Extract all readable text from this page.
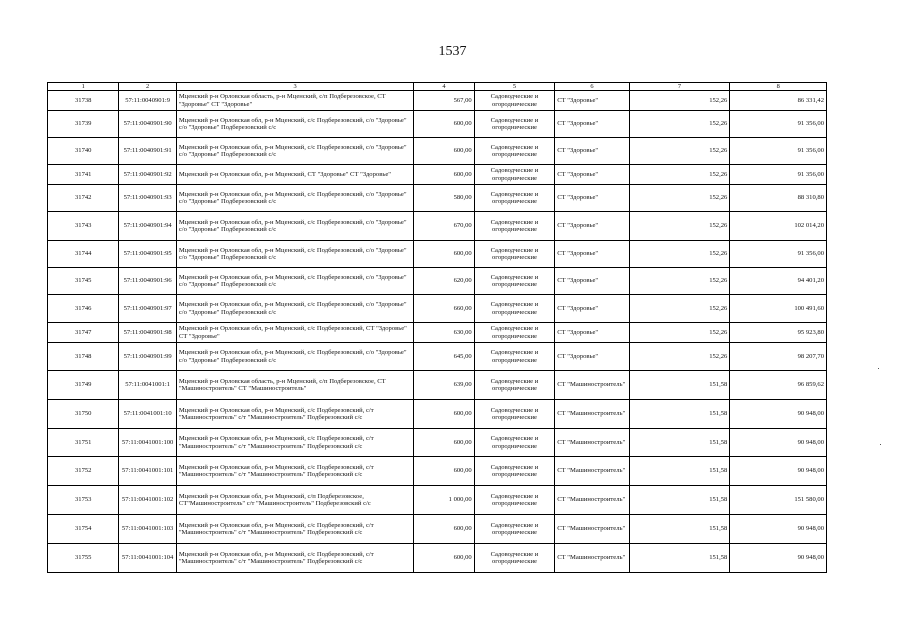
1537
1	2	3	4	5	6	7	8
31738	57:11:0040901:9	Мценский р-н Орловская область, р-н Мценский, с/п Подберезовское, СТ "Здоровье" СТ "Здоровье"	567,00	Садоводческие и огороднические	СТ "Здоровье"	152,26	86 331,42
31739	57:11:0040901:90	Мценский р-н Орловская обл, р-н Мценский, с/с Подберезовский, с/о "Здоровье" с/о "Здоровье" Подберезовский с/с	600,00	Садоводческие и огороднические	СТ "Здоровье"	152,26	91 356,00
31740	57:11:0040901:91	Мценский р-н Орловская обл, р-н Мценский, с/с Подберезовский, с/о "Здоровье" с/о "Здоровье" Подберезовский с/с	600,00	Садоводческие и огороднические	СТ "Здоровье"	152,26	91 356,00
31741	57:11:0040901:92	Мценский р-н Орловская обл, р-н Мценский, СТ "Здоровье" СТ "Здоровье"	600,00	Садоводческие и огороднические	СТ "Здоровье"	152,26	91 356,00
31742	57:11:0040901:93	Мценский р-н Орловская обл, р-н Мценский, с/с Подберезовский, с/о "Здоровье" с/о "Здоровье" Подберезовский с/с	580,00	Садоводческие и огороднические	СТ "Здоровье"	152,26	88 310,80
31743	57:11:0040901:94	Мценский р-н Орловская обл, р-н Мценский, с/с Подберезовский, с/о "Здоровье" с/о "Здоровье" Подберезовский с/с	670,00	Садоводческие и огороднические	СТ "Здоровье"	152,26	102 014,20
31744	57:11:0040901:95	Мценский р-н Орловская обл, р-н Мценский, с/с Подберезовский, с/о "Здоровье" с/о "Здоровье" Подберезовский с/с	600,00	Садоводческие и огороднические	СТ "Здоровье"	152,26	91 356,00
31745	57:11:0040901:96	Мценский р-н Орловская обл, р-н Мценский, с/с Подберезовский, с/о "Здоровье" с/о "Здоровье" Подберезовский с/с	620,00	Садоводческие и огороднические	СТ "Здоровье"	152,26	94 401,20
31746	57:11:0040901:97	Мценский р-н Орловская обл, р-н Мценский, с/с Подберезовский, с/о "Здоровье" с/о "Здоровье" Подберезовский с/с	660,00	Садоводческие и огороднические	СТ "Здоровье"	152,26	100 491,60
31747	57:11:0040901:98	Мценский р-н Орловская обл, р-н Мценский, с/с Подберезовский, СТ "Здоровье" СТ "Здоровье"	630,00	Садоводческие и огороднические	СТ "Здоровье"	152,26	95 923,80
31748	57:11:0040901:99	Мценский р-н Орловская обл, р-н Мценский, с/с Подберезовский, с/о "Здоровье" с/о "Здоровье" Подберезовский с/с	645,00	Садоводческие и огороднические	СТ "Здоровье"	152,26	98 207,70
31749	57:11:0041001:1	Мценский р-н Орловская область, р-н Мценский, с/п Подберезовское, СТ "Машиностроитель" СТ "Машиностроитель"	639,00	Садоводческие и огороднические	СТ "Машиностроитель"	151,58	96 859,62
31750	57:11:0041001:10	Мценский р-н Орловская обл, р-н Мценский, с/с Подберезовский, с/т "Машиностроитель" с/т "Машиностроитель" Подберезовский с/с	600,00	Садоводческие и огороднические	СТ "Машиностроитель"	151,58	90 948,00
31751	57:11:0041001:100	Мценский р-н Орловская обл, р-н Мценский, с/с Подберезовский, с/т "Машиностроитель" с/т "Машиностроитель" Подберезовский с/с	600,00	Садоводческие и огороднические	СТ "Машиностроитель"	151,58	90 948,00
31752	57:11:0041001:101	Мценский р-н Орловская обл, р-н Мценский, с/с Подберезовский, с/т "Машиностроитель" с/т "Машиностроитель" Подберезовский с/с	600,00	Садоводческие и огороднические	СТ "Машиностроитель"	151,58	90 948,00
31753	57:11:0041001:102	Мценский р-н Орловская обл, р-н Мценский, с/п Подберезовское, СТ"Машиностроитель" с/т "Машиностроитель" Подберезовский с/с	1 000,00	Садоводческие и огороднические	СТ "Машиностроитель"	151,58	151 580,00
31754	57:11:0041001:103	Мценский р-н Орловская обл, р-н Мценский, с/с Подберезовский, с/т "Машиностроитель" с/т "Машиностроитель" Подберезовский с/с	600,00	Садоводческие и огороднические	СТ "Машиностроитель"	151,58	90 948,00
31755	57:11:0041001:104	Мценский р-н Орловская обл, р-н Мценский, с/с Подберезовский, с/т "Машиностроитель" с/т "Машиностроитель" Подберезовский с/с	600,00	Садоводческие и огороднические	СТ "Машиностроитель"	151,58	90 948,00
